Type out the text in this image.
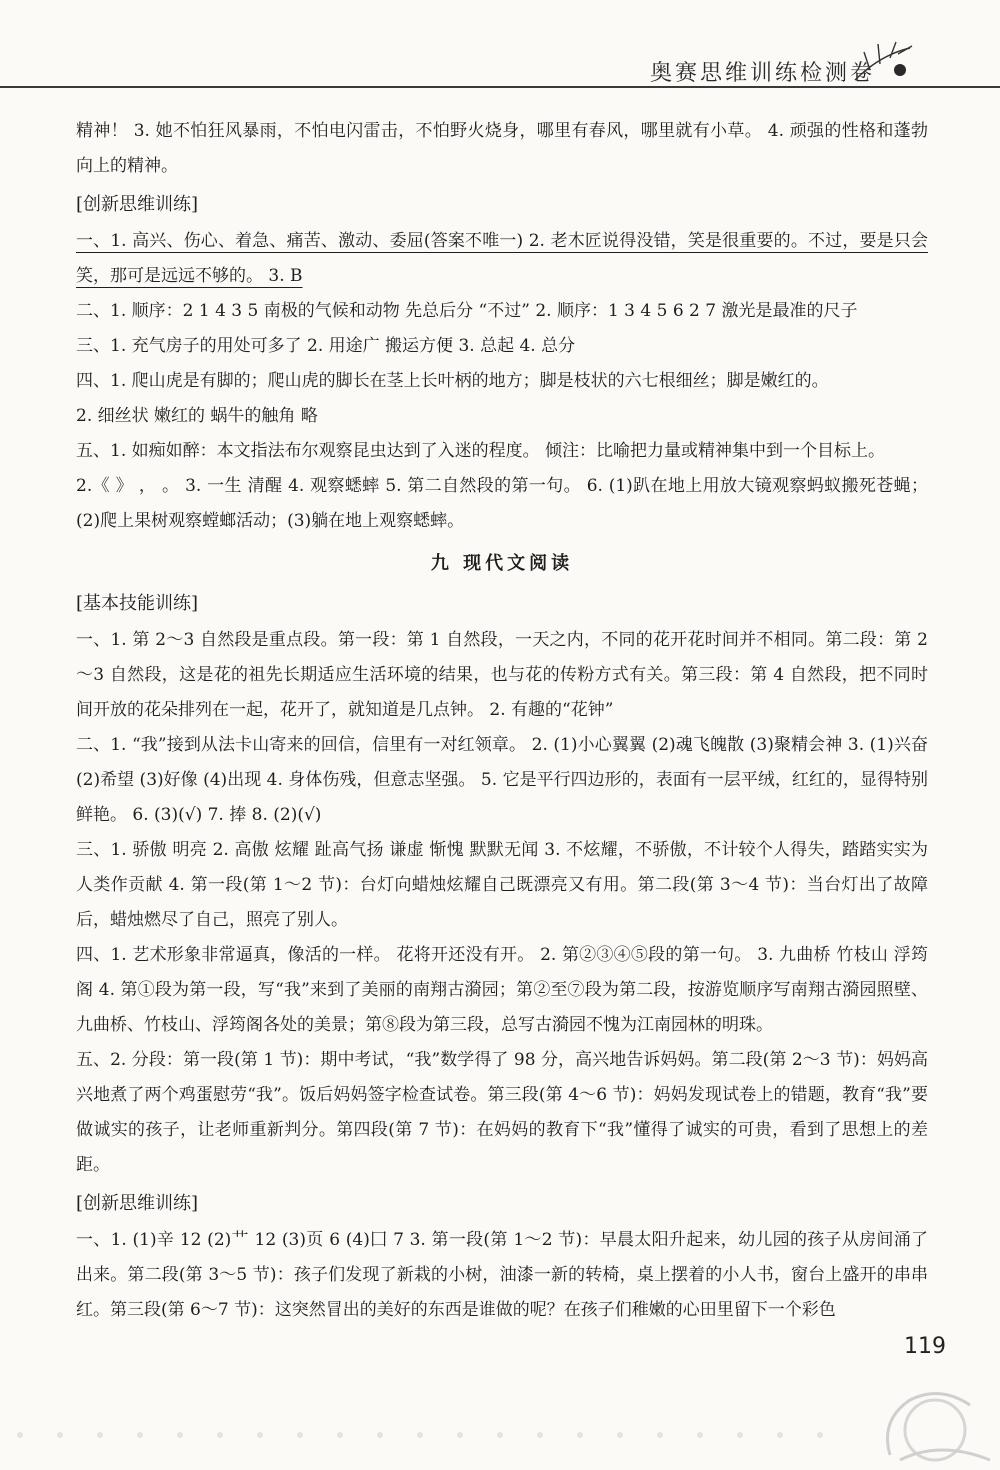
奥赛思维训练检测卷

精神！ 3. 她不怕狂风暴雨，不怕电闪雷击，不怕野火烧身，哪里有春风，哪里就有小草。 4. 顽强的性格和蓬勃向上的精神。

[创新思维训练]

一、1. 高兴、伤心、着急、痛苦、激动、委屈(答案不唯一) 2. 老木匠说得没错，笑是很重要的。不过，要是只会笑，那可是远远不够的。 3. B

二、1. 顺序：2 1 4 3 5 南极的气候和动物 先总后分 “不过” 2. 顺序：1 3 4 5 6 2 7 激光是最准的尺子

三、1. 充气房子的用处可多了 2. 用途广 搬运方便 3. 总起 4. 总分

四、1. 爬山虎是有脚的；爬山虎的脚长在茎上长叶柄的地方；脚是枝状的六七根细丝；脚是嫩红的。

2. 细丝状 嫩红的 蜗牛的触角 略

五、1. 如痴如醉：本文指法布尔观察昆虫达到了入迷的程度。 倾注：比喻把力量或精神集中到一个目标上。

2.《 》 ， 。 3. 一生 清醒 4. 观察蟋蟀 5. 第二自然段的第一句。 6. (1)趴在地上用放大镜观察蚂蚁搬死苍蝇；(2)爬上果树观察螳螂活动；(3)躺在地上观察蟋蟀。

九 现代文阅读
[基本技能训练]

一、1. 第 2～3 自然段是重点段。第一段：第 1 自然段，一天之内，不同的花开花时间并不相同。第二段：第 2～3 自然段，这是花的祖先长期适应生活环境的结果，也与花的传粉方式有关。第三段：第 4 自然段，把不同时间开放的花朵排列在一起，花开了，就知道是几点钟。 2. 有趣的“花钟”

二、1. “我”接到从法卡山寄来的回信，信里有一对红领章。 2. (1)小心翼翼 (2)魂飞魄散 (3)聚精会神 3. (1)兴奋 (2)希望 (3)好像 (4)出现 4. 身体伤残，但意志坚强。 5. 它是平行四边形的，表面有一层平绒，红红的，显得特别鲜艳。 6. (3)(√) 7. 捧 8. (2)(√)

三、1. 骄傲 明亮 2. 高傲 炫耀 趾高气扬 谦虚 惭愧 默默无闻 3. 不炫耀，不骄傲，不计较个人得失，踏踏实实为人类作贡献 4. 第一段(第 1～2 节)：台灯向蜡烛炫耀自己既漂亮又有用。第二段(第 3～4 节)：当台灯出了故障后，蜡烛燃尽了自己，照亮了别人。

四、1. 艺术形象非常逼真，像活的一样。 花将开还没有开。 2. 第②③④⑤段的第一句。 3. 九曲桥 竹枝山 浮筠阁 4. 第①段为第一段，写“我”来到了美丽的南翔古漪园；第②至⑦段为第二段，按游览顺序写南翔古漪园照壁、九曲桥、竹枝山、浮筠阁各处的美景；第⑧段为第三段，总写古漪园不愧为江南园林的明珠。

五、2. 分段：第一段(第 1 节)：期中考试，“我”数学得了 98 分，高兴地告诉妈妈。第二段(第 2～3 节)：妈妈高兴地煮了两个鸡蛋慰劳“我”。饭后妈妈签字检查试卷。第三段(第 4～6 节)：妈妈发现试卷上的错题，教育“我”要做诚实的孩子，让老师重新判分。第四段(第 7 节)：在妈妈的教育下“我”懂得了诚实的可贵，看到了思想上的差距。

[创新思维训练]

一、1. (1)辛 12 (2)艹 12 (3)页 6 (4)囗 7 3. 第一段(第 1～2 节)：早晨太阳升起来，幼儿园的孩子从房间涌了出来。第二段(第 3～5 节)：孩子们发现了新栽的小树，油漆一新的转椅，桌上摆着的小人书，窗台上盛开的串串红。第三段(第 6～7 节)：这突然冒出的美好的东西是谁做的呢？在孩子们稚嫩的心田里留下一个彩色

119
